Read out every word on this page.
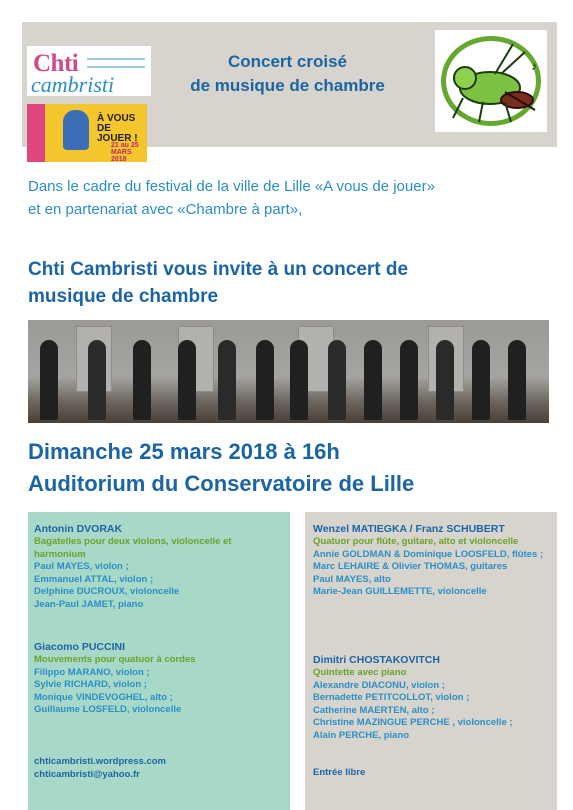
Chti
cambristi
À VOUS DE JOUER !
21 au 25 MARS 2018
Concert croisé
de musique de chambre
♪
Dans le cadre du festival de la ville de Lille «A vous de jouer»
et en partenariat avec «Chambre à part»,
Chti Cambristi vous invite à un concert de
musique de chambre
Dimanche 25 mars 2018 à 16h
Auditorium du Conservatoire de Lille
Antonin DVORAK
Bagatelles pour deux violons, violoncelle et harmonium
Paul MAYES, violon ;
Emmanuel ATTAL, violon ;
Delphine DUCROUX, violoncelle
Jean-Paul JAMET, piano
Giacomo PUCCINI
Mouvements pour quatuor à cordes
Filippo MARANO, violon ;
Sylvie RICHARD, violon ;
Monique VINDEVOGHEL, alto ;
Guillaume LOSFELD, violoncelle
chticambristi.wordpress.com
chticambristi@yahoo.fr
Wenzel MATIEGKA / Franz SCHUBERT
Quatuor pour flûte, guitare, alto et violoncelle
Annie GOLDMAN & Dominique LOOSFELD, flûtes ;
Marc LEHAIRE & Olivier THOMAS, guitares
Paul MAYES, alto
Marie-Jean GUILLEMETTE, violoncelle
Dimitri CHOSTAKOVITCH
Quintette avec piano
Alexandre DIACONU, violon ;
Bernadette PETITCOLLOT, violon ;
Catherine MAERTEN, alto ;
Christine MAZINGUE PERCHE , violoncelle ;
Alain PERCHE, piano
Entrée libre
